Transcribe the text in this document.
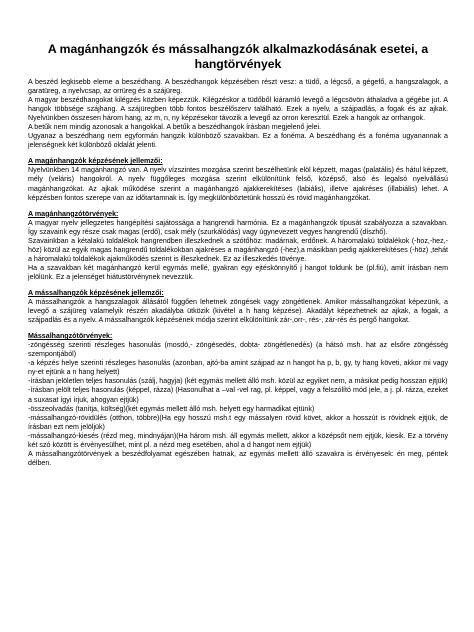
A magánhangzók és mássalhangzók alkalmazkodásának esetei, a hangtörvények

A beszéd legkisebb eleme a beszédhang. A beszédhangok képzésében részt vesz: a tüdő, a légcső, a gégefő, a hangszalagok, a garatüreg, a nyelvcsap, az orrüreg és a szájüreg.

A magyar beszédhangokat kilégzés közben képezzük. Kilégzéskor a tüdőből kiáramló levegő a légcsövön áthaladva a gégébe jut. A hangok többsége szájhang. A szájüregben több fontos beszélőszerv található. Ezek a nyelv, a szájpadlás, a fogak és az ajkak. Nyelvünkben összesen három hang, az m, n, ny képzésekor távozik a levegő az orron keresztül. Ezek a hangok az orrhangok.

A betűk nem mindig azonosak a hangokkal. A betűk a beszédhangok írásban megjelenő jelei.

Ugyanaz a beszédhang nem egyformán hangzik különböző szavakban. Ez a fonéma. A beszédhang és a fonéma ugyanannak a jelenségnek két különböző oldalát jelenti.

A magánhangzók képzésének jellemzői:

Nyelvünkben 14 magánhangzó van. A nyelv vízszintes mozgása szerint beszélhetünk elöl képzett, magas (palatális) és hátul képzett, mély (veláris) hangokról. A nyelv függőleges mozgása szerint elkülönítünk felső, középső, alsó és legalsó nyelvállású magánhangzókat. Az ajkak működése szerint a magánhangzó ajakkerekítéses (labiális), illetve ajakréses (illabiális) lehet. A képzésben fontos szerepe van az időtartamnak is. Így megkülönböztetünk hosszú és rövid magánhangzókat.

A magánhangzótörvények:

A magyar nyelv jellegzetes hangépítési sajátossága a hangrendi harmónia. Ez a magánhangzók típusát szabályozza a szavakban. Így szavaink egy része csak magas (erdő), csak mély (szurkálódás) vagy úgynevezett vegyes hangrendű (díszhő).

Szavainkban a kétalakú toldalékok hangrendben illeszkednek a szótőhöz: madárnak, erdőnek. A háromalakú toldalékok (-hoz,-hez,-höz) közül az egyik magas hangrendű toldalékokban ajakréses a magánhangzó (-hez),a másikban pedig ajakkerekítéses (-höz) ,tehát a háromalakú toldalékok ajakműködés szerint is illeszkednek. Ez az illeszkedés tövénye.

Ha a szavakban két magánhangzó kerül egymás mellé, gyakran egy ejtéskönnyítő j hangot toldunk be (pl.fiú), amit írásban nem jelölünk. Ez a jelenséget hiátustörvénynek nevezzük.

A mássalhangzók képzésének jellemzői:

A mássalhangzók a hangszalagok állásától függően lehetnek zöngések vagy zöngétlenek. Amikor mássalhangzókat képezünk, a levegő a szájüreg valamelyik részén akadályba ütközik (kivétel a h hang képzése). Akadályt képezhetnek az ajkak, a fogak, a szájpadlás és a nyelv. A mássalhangzók képzésének módja szerint elkülönítünk zár-,orr-, rés-, zár-rés és pergő hangokat.

Mássalhangzótörvények:

-zöngésség szerinti részleges hasonulás (mosdó,- zöngésedés, dobta- zöngétlenedés) (a hátsó msh. hat az elsőre zöngésség szempontjából)

-a képzés helye szerinti részleges hasonulás (azonban, ajtó-ba amint szájpad az n hangot ha p, b, gy, ty hang követi, akkor mi vagy ny-et ejtünk a n hang helyett)

-írásban jelöletlen teljes hasonulás (szálj, hagyja) (két egymás mellett álló msh. közül az egyiket nem, a másikat pedig hosszan ejtjük)

-írásban jelölt teljes hasonulás (képpel, rázza) (Hasonulhat a –val -vel rag, pl. képpel, vagy a felszólító mód jele, a j. pl. rázza, ezeket a suxasat ígyi írjuk, ahogyan ejtjük)

-összeolvadás (tanítja, költség)(két egymás mellett álló msh. helyett egy harmadikat ejtünk)

-mássalhangzó-rövidülés (otthon, többre)(Ha egy hosszú msh.t egy mássalyen rövid követ, akkor a hosszút is rövidnek ejtjük, de írásban ezt nem jelöljük)

-mássalhangzó-kiesés (rézd meg, mindnyájan)(Ha három msh. áll egymás mellett, akkor a középsőt nem ejtjük, kiesik. Ez a törvény két szó között is érvényesülhet, mint pl. a nézd meg esetében, ahol a d hangot nem ejtjük)

A mássalhangzótörvények a beszédfolyamat egészében hatnak, az egymás mellett álló szavakra is érvényesek: én meg, péntek délben.
